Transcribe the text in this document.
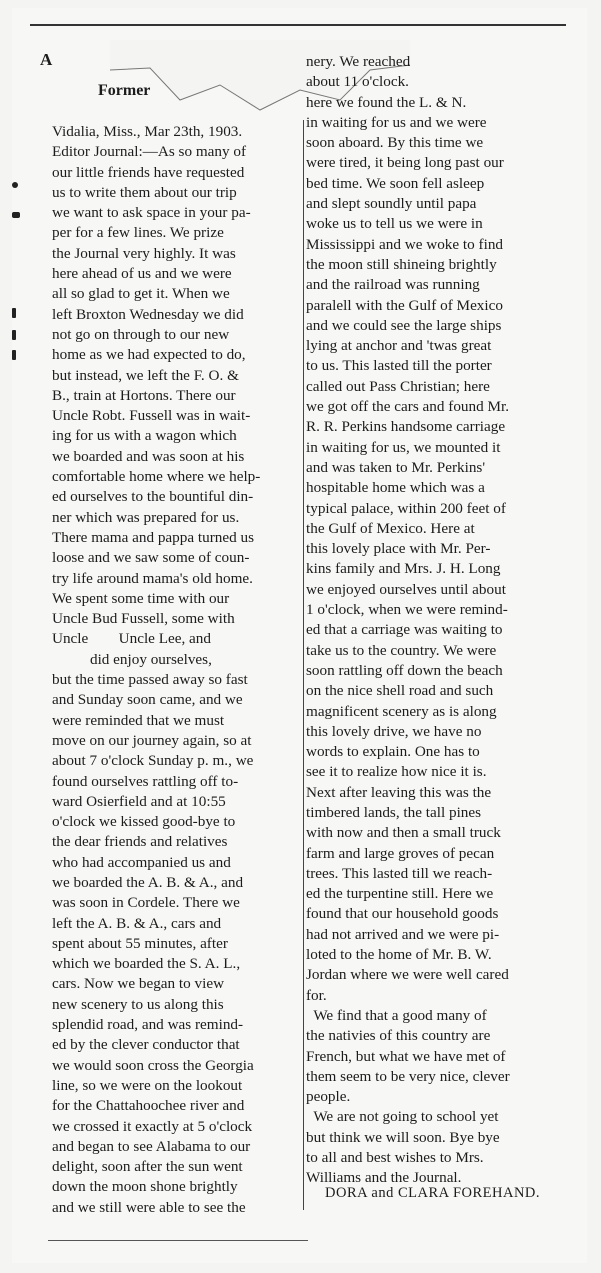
A
Former
Vidalia, Miss., Mar 23th, 1903.
Editor Journal:—As so many of
our little friends have requested
us to write them about our trip
we want to ask space in your pa-
per for a few lines. We prize
the Journal very highly. It was
here ahead of us and we were
all so glad to get it. When we
left Broxton Wednesday we did
not go on through to our new
home as we had expected to do,
but instead, we left the F. O. &
B., train at Hortons. There our
Uncle Robt. Fussell was in wait-
ing for us with a wagon which
we boarded and was soon at his
comfortable home where we help-
ed ourselves to the bountiful din-
ner which was prepared for us.
There mama and pappa turned us
loose and we saw some of coun-
try life around mama's old home.
We spent some time with our
Uncle Bud Fussell, some with
Uncle        Uncle Lee, and
did enjoy ourselves,
but the time passed away so fast
and Sunday soon came, and we
were reminded that we must
move on our journey again, so at
about 7 o'clock Sunday p. m., we
found ourselves rattling off to-
ward Osierfield and at 10:55
o'clock we kissed good-bye to
the dear friends and relatives
who had accompanied us and
we boarded the A. B. & A., and
was soon in Cordele. There we
left the A. B. & A., cars and
spent about 55 minutes, after
which we boarded the S. A. L.,
cars. Now we began to view
new scenery to us along this
splendid road, and was remind-
ed by the clever conductor that
we would soon cross the Georgia
line, so we were on the lookout
for the Chattahoochee river and
we crossed it exactly at 5 o'clock
and began to see Alabama to our
delight, soon after the sun went
down the moon shone brightly
and we still were able to see the
nery. We reached
about 11 o'clock.
here we found the L. & N.
in waiting for us and we were
soon aboard. By this time we
were tired, it being long past our
bed time. We soon fell asleep
and slept soundly until papa
woke us to tell us we were in
Mississippi and we woke to find
the moon still shineing brightly
and the railroad was running
paralell with the Gulf of Mexico
and we could see the large ships
lying at anchor and 'twas great
to us. This lasted till the porter
called out Pass Christian; here
we got off the cars and found Mr.
R. R. Perkins handsome carriage
in waiting for us, we mounted it
and was taken to Mr. Perkins'
hospitable home which was a
typical palace, within 200 feet of
the Gulf of Mexico. Here at
this lovely place with Mr. Per-
kins family and Mrs. J. H. Long
we enjoyed ourselves until about
1 o'clock, when we were remind-
ed that a carriage was waiting to
take us to the country. We were
soon rattling off down the beach
on the nice shell road and such
magnificent scenery as is along
this lovely drive, we have no
words to explain. One has to
see it to realize how nice it is.
Next after leaving this was the
timbered lands, the tall pines
with now and then a small truck
farm and large groves of pecan
trees. This lasted till we reach-
ed the turpentine still. Here we
found that our household goods
had not arrived and we were pi-
loted to the home of Mr. B. W.
Jordan where we were well cared
for.
We find that a good many of
the nativies of this country are
French, but what we have met of
them seem to be very nice, clever
people.
We are not going to school yet
but think we will soon. Bye bye
to all and best wishes to Mrs.
Williams and the Journal.
DORA and CLARA FOREHAND.
